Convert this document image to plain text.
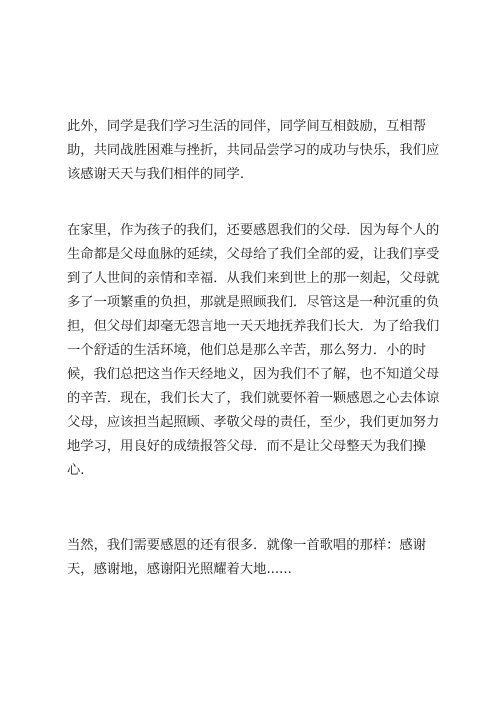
此外，同学是我们学习生活的同伴，同学间互相鼓励，互相帮
助，共同战胜困难与挫折，共同品尝学习的成功与快乐，我们应
该感谢天天与我们相伴的同学.

在家里，作为孩子的我们，还要感恩我们的父母．因为每个人的
生命都是父母血脉的延续，父母给了我们全部的爱，让我们享受
到了人世间的亲情和幸福．从我们来到世上的那一刻起，父母就
多了一项繁重的负担，那就是照顾我们．尽管这是一种沉重的负
担，但父母们却毫无怨言地一天天地抚养我们长大．为了给我们
一个舒适的生活环境，他们总是那么辛苦，那么努力．小的时
候，我们总把这当作天经地义，因为我们不了解，也不知道父母
的辛苦．现在，我们长大了，我们就要怀着一颗感恩之心去体谅
父母，应该担当起照顾、孝敬父母的责任，至少，我们更加努力
地学习，用良好的成绩报答父母．而不是让父母整天为我们操
心.

当然，我们需要感恩的还有很多．就像一首歌唱的那样：感谢
天，感谢地，感谢阳光照耀着大地......
